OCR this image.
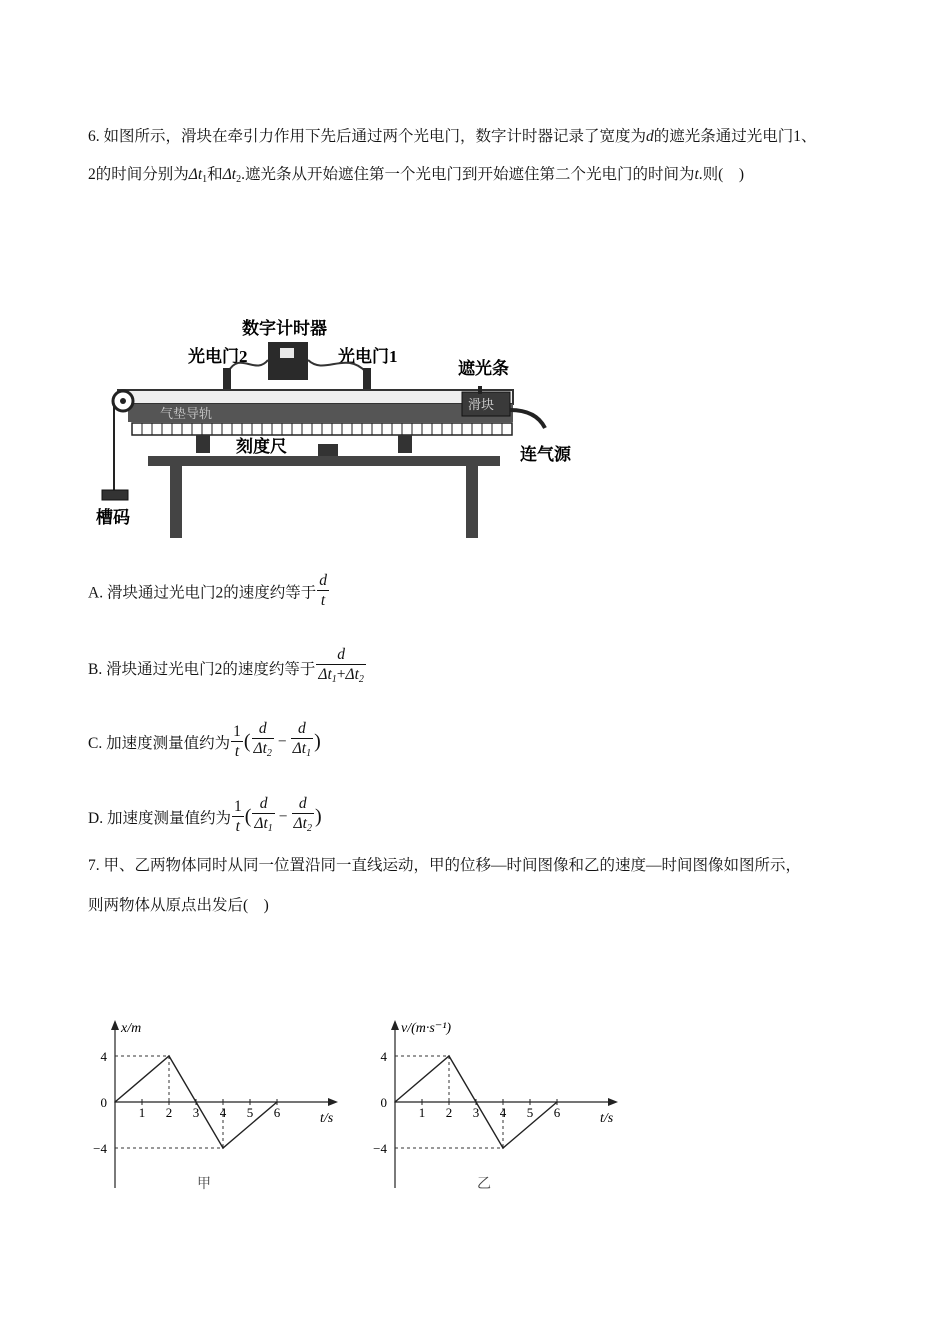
6. 如图所示，滑块在牵引力作用下先后通过两个光电门，数字计时器记录了宽度为d的遮光条通过光电门1、
2的时间分别为$\Delta t_1$和$\Delta t_2$.遮光条从开始遮住第一个光电门到开始遮住第二个光电门的时间为t.则(　)
数字计时器
光电门2	光电门1
遮光条
气垫导轨
滑块
槽码
刻度尺	连气源
A. 滑块通过光电门2的速度约等于 $\frac{d}{t}$
B. 滑块通过光电门2的速度约等于 $\frac{d}{\Delta t_1+\Delta t_2}$
C. 加速度测量值约为 $\frac{1}{t}$ ( $\frac{d}{\Delta t_2} - \frac{d}{\Delta t_1}$ )
D. 加速度测量值约为 $\frac{1}{t}$ ( $\frac{d}{\Delta t_1} - \frac{d}{\Delta t_2}$ )
7. 甲、乙两物体同时从同一位置沿同一直线运动，甲的位移—时间图像和乙的速度—时间图像如图所示，
则两物体从原点出发后(　)
x/m
t/s
甲
4
0
−4
1 2 3 4 5 6
v/(m·s⁻¹)
t/s
乙
4
0
−4
1 2 3 4 5 6
